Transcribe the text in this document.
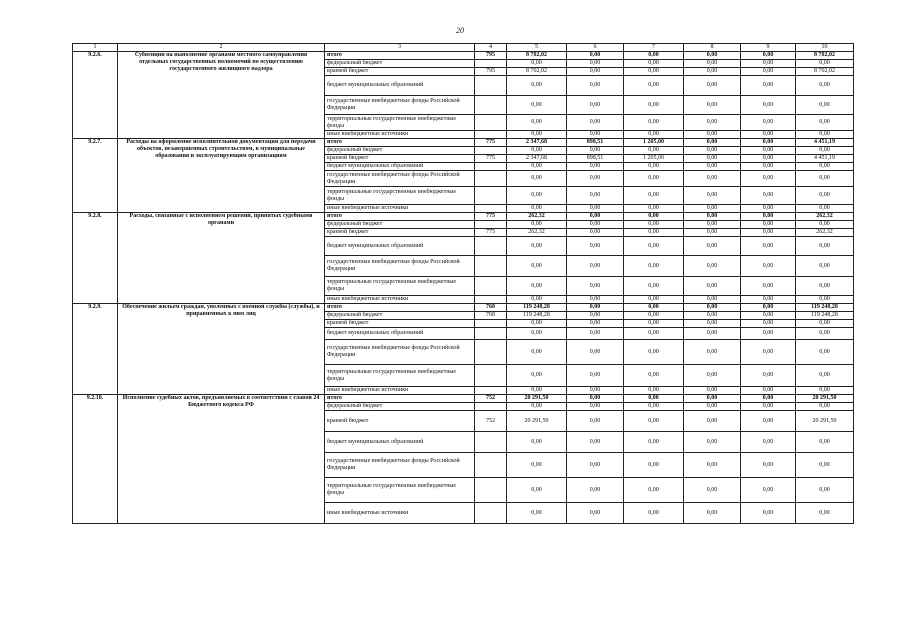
20
1	2	3	4	5	6	7	8	9	10
9.2.6.	Субвенции на выполнение органами местного самоуправления отдельных государственных полномочий по осуществлению государственного жилищного надзора	итого	795	8 702,02	0,00	0,00	0,00	0,00	8 702,02
		федеральный бюджет		0,00	0,00	0,00	0,00	0,00	0,00
		краевой бюджет	795	8 702,02	0,00	0,00	0,00	0,00	8 702,02
		бюджет муниципальных образований		0,00	0,00	0,00	0,00	0,00	0,00
		государственные внебюджетные фонды Российской Федерации		0,00	0,00	0,00	0,00	0,00	0,00
		территориальные государственные внебюджетные фонды		0,00	0,00	0,00	0,00	0,00	0,00
		иные внебюджетные источники		0,00	0,00	0,00	0,00	0,00	0,00
9.2.7.	Расходы на оформление исполнительной документации для передачи объектов, незавершенных строительством, в муниципальные образования и эксплуатирующим организациям	итого	775	2 347,68	898,51	1 205,00	0,00	0,00	4 451,19
		федеральный бюджет		0,00	0,00	0,00	0,00	0,00	0,00
		краевой бюджет	775	2 347,68	898,51	1 205,00	0,00	0,00	4 451,19
		бюджет муниципальных образований		0,00	0,00	0,00	0,00	0,00	0,00
		государственные внебюджетные фонды Российской Федерации		0,00	0,00	0,00	0,00	0,00	0,00
		территориальные государственные внебюджетные фонды		0,00	0,00	0,00	0,00	0,00	0,00
		иные внебюджетные источники		0,00	0,00	0,00	0,00	0,00	0,00
9.2.8.	Расходы, связанные с исполнением решений, принятых судебными органами	итого	775	262,32	0,00	0,00	0,00	0,00	262,32
		федеральный бюджет		0,00	0,00	0,00	0,00	0,00	0,00
		краевой бюджет	775	262,32	0,00	0,00	0,00	0,00	262,32
		бюджет муниципальных образований		0,00	0,00	0,00	0,00	0,00	0,00
		государственные внебюджетные фонды Российской Федерации		0,00	0,00	0,00	0,00	0,00	0,00
		территориальные государственные внебюджетные фонды		0,00	0,00	0,00	0,00	0,00	0,00
		иные внебюджетные источники		0,00	0,00	0,00	0,00	0,00	0,00
9.2.9.	Обеспечение жильем граждан, уволенных с военной службы (службы), и приравненных к ним лиц	итого	768	119 248,28	0,00	0,00	0,00	0,00	119 248,28
		федеральный бюджет	768	119 248,28	0,00	0,00	0,00	0,00	119 248,28
		краевой бюджет		0,00	0,00	0,00	0,00	0,00	0,00
		бюджет муниципальных образований		0,00	0,00	0,00	0,00	0,00	0,00
		государственные внебюджетные фонды Российской Федерации		0,00	0,00	0,00	0,00	0,00	0,00
		территориальные государственные внебюджетные фонды		0,00	0,00	0,00	0,00	0,00	0,00
		иные внебюджетные источники		0,00	0,00	0,00	0,00	0,00	0,00
9.2.10.	Исполнение судебных актов, предъявляемых в соответствии с главой 24 Бюджетного кодекса РФ	итого	752	20 291,50	0,00	0,00	0,00	0,00	20 291,50
		федеральный бюджет		0,00	0,00	0,00	0,00	0,00	0,00
		краевой бюджет	752	20 291,50	0,00	0,00	0,00	0,00	20 291,50
		бюджет муниципальных образований		0,00	0,00	0,00	0,00	0,00	0,00
		государственные внебюджетные фонды Российской Федерации		0,00	0,00	0,00	0,00	0,00	0,00
		территориальные государственные внебюджетные фонды		0,00	0,00	0,00	0,00	0,00	0,00
		иные внебюджетные источники		0,00	0,00	0,00	0,00	0,00	0,00
